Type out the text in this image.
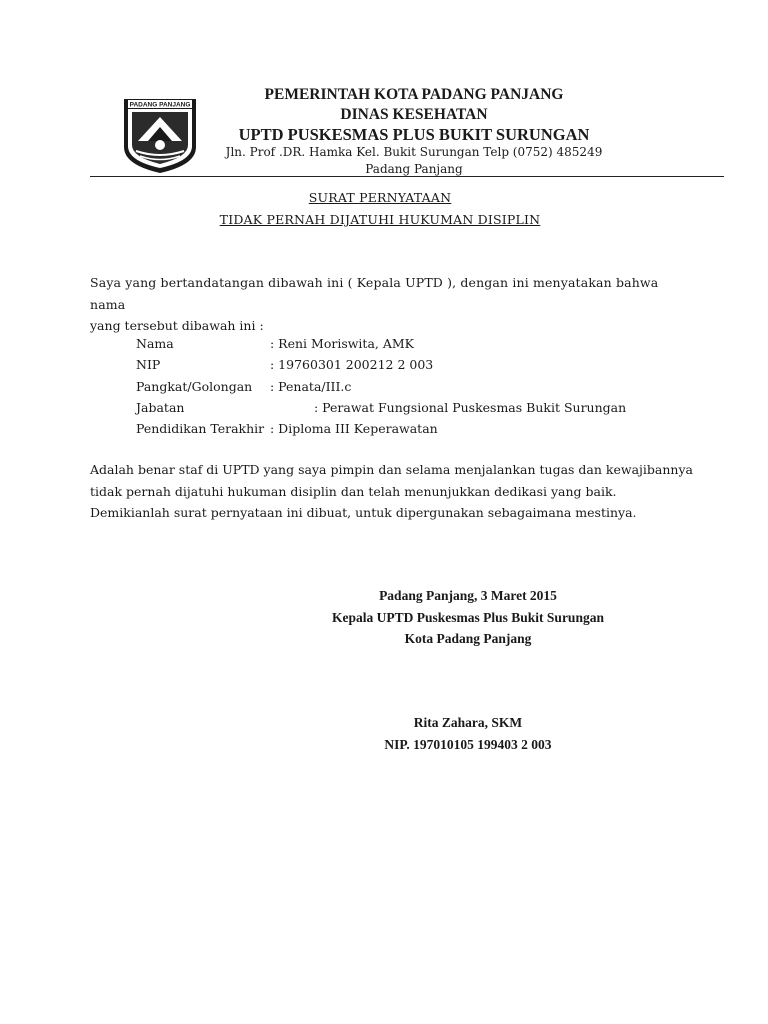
PADANG PANJANG
PEMERINTAH KOTA PADANG PANJANG
DINAS KESEHATAN
UPTD PUSKESMAS PLUS BUKIT SURUNGAN
Jln. Prof .DR. Hamka Kel. Bukit Surungan Telp (0752) 485249
Padang Panjang
SURAT PERNYATAAN
TIDAK PERNAH DIJATUHI HUKUMAN DISIPLIN
Saya yang bertandatangan dibawah ini ( Kepala UPTD ), dengan ini menyatakan bahwa nama
yang tersebut dibawah ini :
Nama	: Reni Moriswita, AMK
NIP	: 19760301 200212 2 003
Pangkat/Golongan : Penata/III.c
Jabatan	: Perawat Fungsional Puskesmas Bukit Surungan
Pendidikan Terakhir : Diploma III Keperawatan
Adalah benar staf di UPTD yang saya pimpin dan selama menjalankan tugas dan kewajibannya
tidak pernah dijatuhi hukuman disiplin dan telah menunjukkan dedikasi yang baik.
Demikianlah surat pernyataan ini dibuat, untuk dipergunakan sebagaimana mestinya.
Padang Panjang, 3 Maret 2015
Kepala UPTD Puskesmas Plus Bukit Surungan
Kota Padang Panjang
Rita Zahara, SKM
NIP. 197010105 199403 2 003
